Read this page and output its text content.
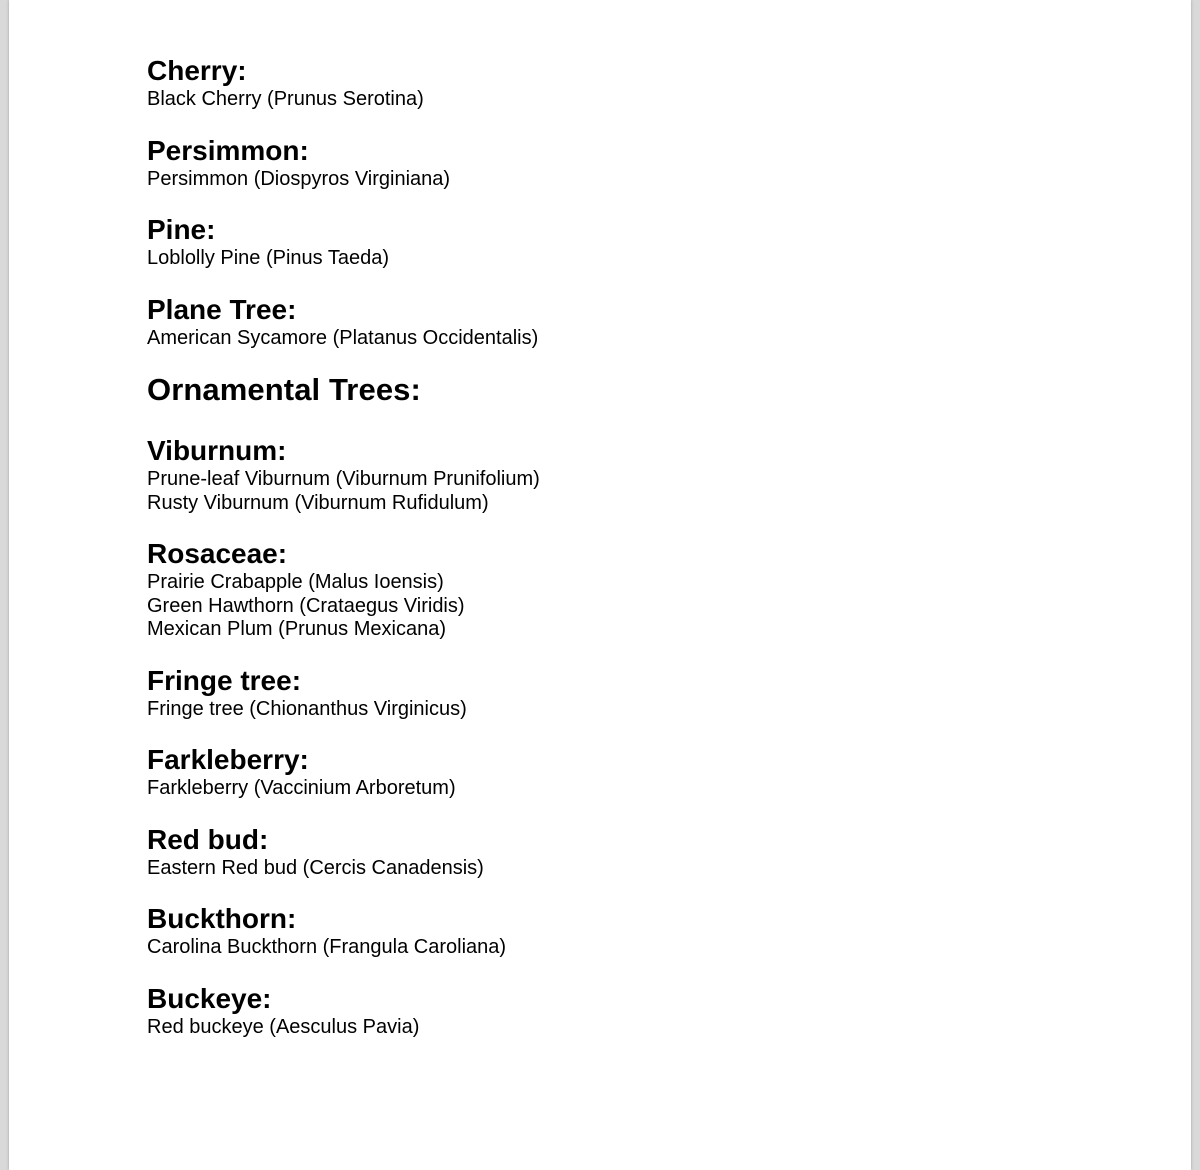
Cherry:
Black Cherry (Prunus Serotina)
Persimmon:
Persimmon (Diospyros Virginiana)
Pine:
Loblolly Pine (Pinus Taeda)
Plane Tree:
American Sycamore (Platanus Occidentalis)
Ornamental Trees:
Viburnum:
Prune-leaf Viburnum (Viburnum Prunifolium)
Rusty Viburnum (Viburnum Rufidulum)
Rosaceae:
Prairie Crabapple (Malus Ioensis)
Green Hawthorn (Crataegus Viridis)
Mexican Plum (Prunus Mexicana)
Fringe tree:
Fringe tree (Chionanthus Virginicus)
Farkleberry:
Farkleberry (Vaccinium Arboretum)
Red bud:
Eastern Red bud (Cercis Canadensis)
Buckthorn:
Carolina Buckthorn (Frangula Caroliana)
Buckeye:
Red buckeye (Aesculus Pavia)
